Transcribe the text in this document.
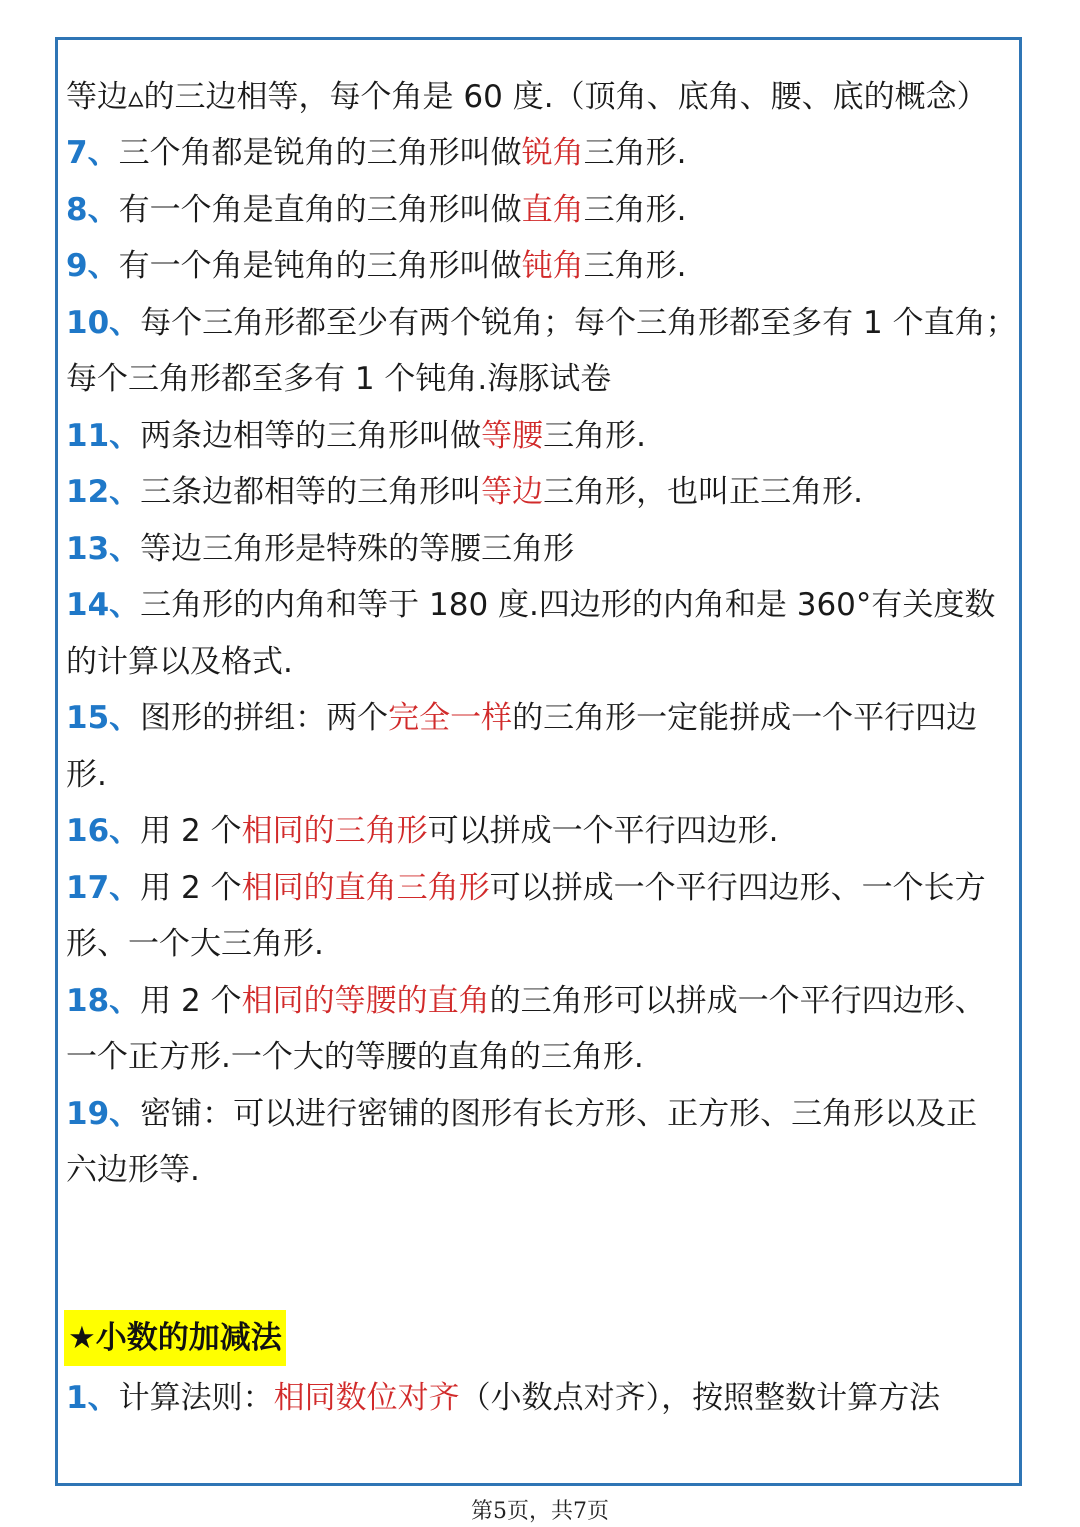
等边▵的三边相等，每个角是 60 度.（顶角、底角、腰、底的概念）
7、三个角都是锐角的三角形叫做锐角三角形.
8、有一个角是直角的三角形叫做直角三角形.
9、有一个角是钝角的三角形叫做钝角三角形.
10、每个三角形都至少有两个锐角；每个三角形都至多有 1 个直角；
每个三角形都至多有 1 个钝角.海豚试卷
11、两条边相等的三角形叫做等腰三角形.
12、三条边都相等的三角形叫等边三角形，也叫正三角形.
13、等边三角形是特殊的等腰三角形
14、三角形的内角和等于 180 度.四边形的内角和是 360°有关度数
的计算以及格式.
15、图形的拼组：两个完全一样的三角形一定能拼成一个平行四边
形.
16、用 2 个相同的三角形可以拼成一个平行四边形.
17、用 2 个相同的直角三角形可以拼成一个平行四边形、一个长方
形、一个大三角形.
18、用 2 个相同的等腰的直角的三角形可以拼成一个平行四边形、
一个正方形.一个大的等腰的直角的三角形.
19、密铺：可以进行密铺的图形有长方形、正方形、三角形以及正
六边形等.
★小数的加减法
1、计算法则：相同数位对齐（小数点对齐），按照整数计算方法
第5页，共7页
